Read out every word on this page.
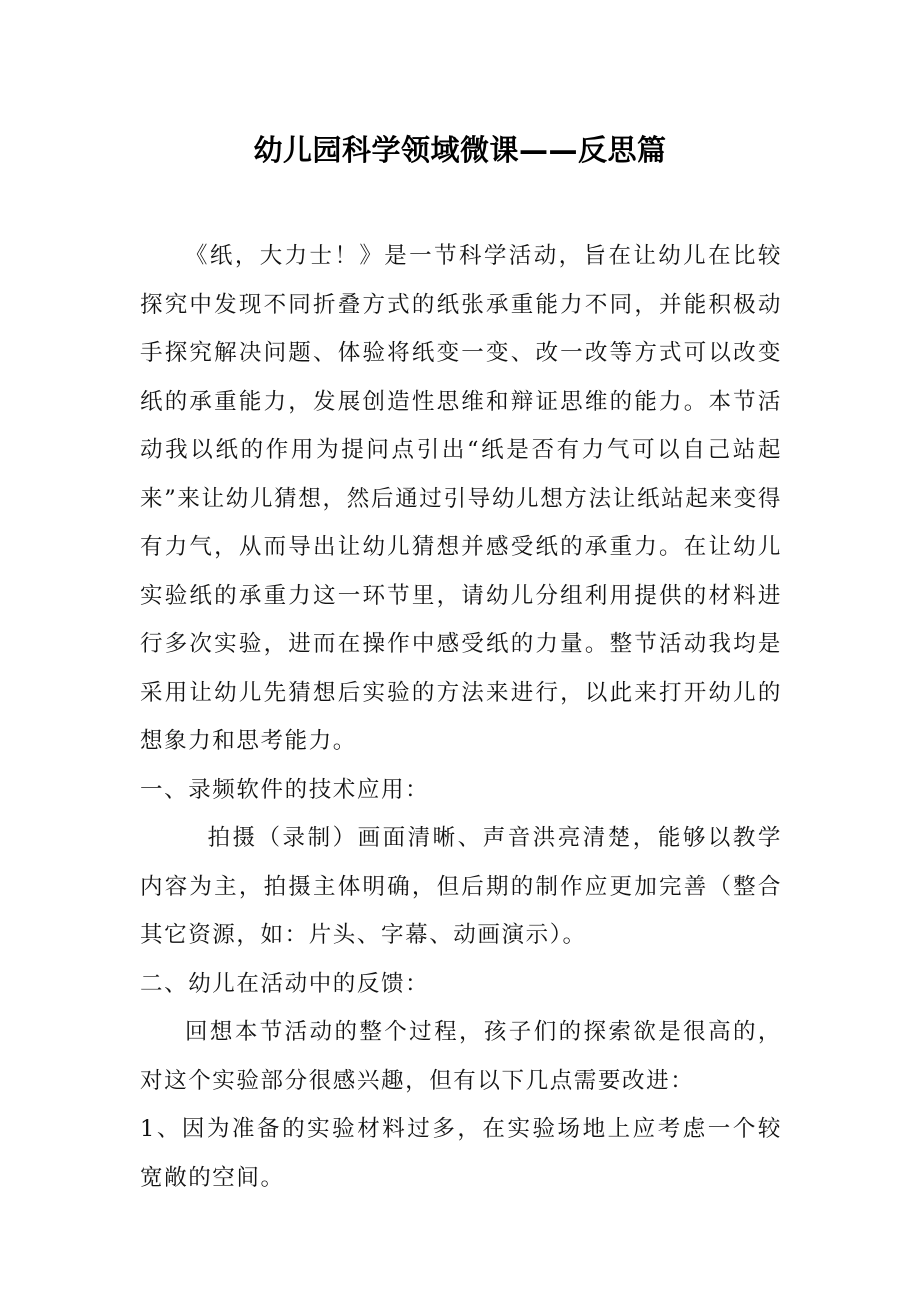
幼儿园科学领域微课——反思篇

《纸，大力士！》是一节科学活动，旨在让幼儿在比较探究中发现不同折叠方式的纸张承重能力不同，并能积极动手探究解决问题、体验将纸变一变、改一改等方式可以改变纸的承重能力，发展创造性思维和辩证思维的能力。本节活动我以纸的作用为提问点引出“纸是否有力气可以自己站起来”来让幼儿猜想，然后通过引导幼儿想方法让纸站起来变得有力气，从而导出让幼儿猜想并感受纸的承重力。在让幼儿实验纸的承重力这一环节里，请幼儿分组利用提供的材料进行多次实验，进而在操作中感受纸的力量。整节活动我均是采用让幼儿先猜想后实验的方法来进行，以此来打开幼儿的想象力和思考能力。

一、录频软件的技术应用：

拍摄（录制）画面清晰、声音洪亮清楚，能够以教学内容为主，拍摄主体明确，但后期的制作应更加完善（整合其它资源，如：片头、字幕、动画演示）。

二、幼儿在活动中的反馈：

回想本节活动的整个过程，孩子们的探索欲是很高的，对这个实验部分很感兴趣，但有以下几点需要改进：

1、因为准备的实验材料过多，在实验场地上应考虑一个较宽敞的空间。
